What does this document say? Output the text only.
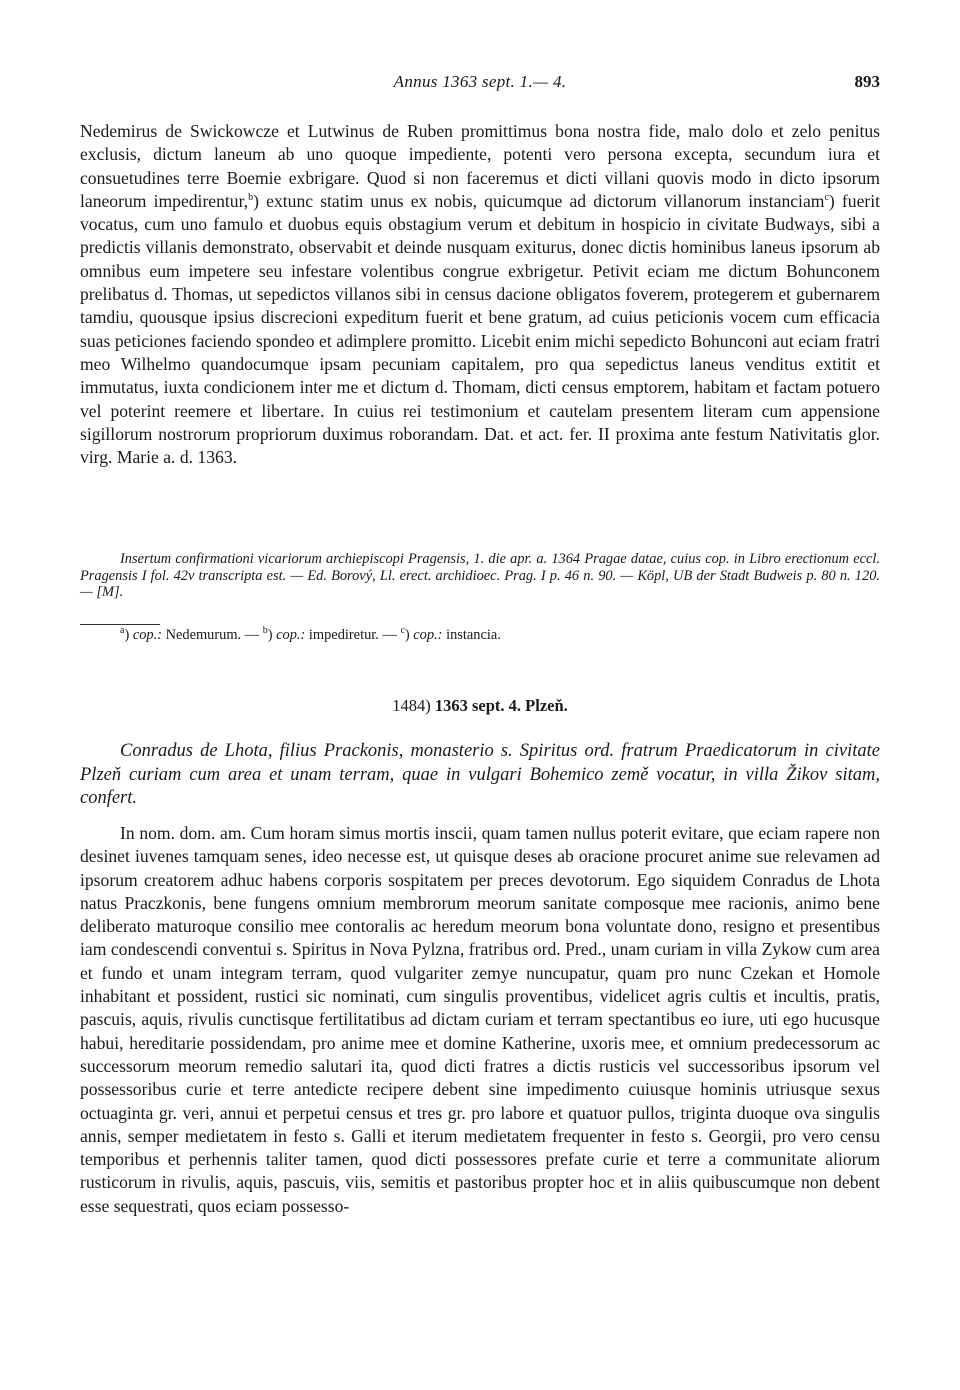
Annus 1363 sept. 1.— 4.	893

Nedemirus de Swickowcze et Lutwinus de Ruben promittimus bona nostra fide, malo dolo et zelo penitus exclusis, dictum laneum ab uno quoque impediente, potenti vero persona excepta, secundum iura et consuetudines terre Boemie exbrigare. Quod si non faceremus et dicti villani quovis modo in dicto ipsorum laneorum impedirentur,$^b$) extunc statim unus ex nobis, quicumque ad dictorum villanorum instanciam$^c$) fuerit vocatus, cum uno famulo et duobus equis obstagium verum et debitum in hospicio in civitate Budways, sibi a predictis villanis demonstrato, observabit et deinde nusquam exiturus, donec dictis hominibus laneus ipsorum ab omnibus eum impetere seu infestare volentibus congrue exbrigetur. Petivit eciam me dictum Bohunconem prelibatus d. Thomas, ut sepedictos villanos sibi in census dacione obligatos foverem, protegerem et gubernarem tamdiu, quousque ipsius discrecioni expeditum fuerit et bene gratum, ad cuius peticionis vocem cum efficacia suas peticiones faciendo spondeo et adimplere promitto. Licebit enim michi sepedicto Bohunconi aut eciam fratri meo Wilhelmo quandocumque ipsam pecuniam capitalem, pro qua sepedictus laneus venditus extitit et immutatus, iuxta condicionem inter me et dictum d. Thomam, dicti census emptorem, habitam et factam potuero vel poterint reemere et libertare. In cuius rei testimonium et cautelam presentem literam cum appensione sigillorum nostrorum propriorum duximus roborandam. Dat. et act. fer. II proxima ante festum Nativitatis glor. virg. Marie a. d. 1363.

Insertum confirmationi vicariorum archiepiscopi Pragensis, 1. die apr. a. 1364 Pragae datae, cuius cop. in Libro erectionum eccl. Pragensis I fol. 42v transcripta est. — Ed. Borový, Ll. erect. archidioec. Prag. I p. 46 n. 90. — Köpl, UB der Stadt Budweis p. 80 n. 120. — [M].

$^a$) cop.: Nedemurum. — $^b$) cop.: impediretur. — $^c$) cop.: instancia.

1484) 1363 sept. 4. Plzeň.

Conradus de Lhota, filius Prackonis, monasterio s. Spiritus ord. fratrum Praedicatorum in civitate Plzeň curiam cum area et unam terram, quae in vulgari Bohemico země vocatur, in villa Žikov sitam, confert.

In nom. dom. am. Cum horam simus mortis inscii, quam tamen nullus poterit evitare, que eciam rapere non desinet iuvenes tamquam senes, ideo necesse est, ut quisque deses ab oracione procuret anime sue relevamen ad ipsorum creatorem adhuc habens corporis sospitatem per preces devotorum. Ego siquidem Conradus de Lhota natus Praczkonis, bene fungens omnium membrorum meorum sanitate composque mee racionis, animo bene deliberato maturoque consilio mee contoralis ac heredum meorum bona voluntate dono, resigno et presentibus iam condescendi conventui s. Spiritus in Nova Pylzna, fratribus ord. Pred., unam curiam in villa Zykow cum area et fundo et unam integram terram, quod vulgariter zemye nuncupatur, quam pro nunc Czekan et Homole inhabitant et possident, rustici sic nominati, cum singulis proventibus, videlicet agris cultis et incultis, pratis, pascuis, aquis, rivulis cunctisque fertilitatibus ad dictam curiam et terram spectantibus eo iure, uti ego hucusque habui, hereditarie possidendam, pro anime mee et domine Katherine, uxoris mee, et omnium predecessorum ac successorum meorum remedio salutari ita, quod dicti fratres a dictis rusticis vel successoribus ipsorum vel possessoribus curie et terre antedicte recipere debent sine impedimento cuiusque hominis utriusque sexus octuaginta gr. veri, annui et perpetui census et tres gr. pro labore et quatuor pullos, triginta duoque ova singulis annis, semper medietatem in festo s. Galli et iterum medietatem frequenter in festo s. Georgii, pro vero censu temporibus et perhennis taliter tamen, quod dicti possessores prefate curie et terre a communitate aliorum rusticorum in rivulis, aquis, pascuis, viis, semitis et pastoribus propter hoc et in aliis quibuscumque non debent esse sequestrati, quos eciam possesso-
